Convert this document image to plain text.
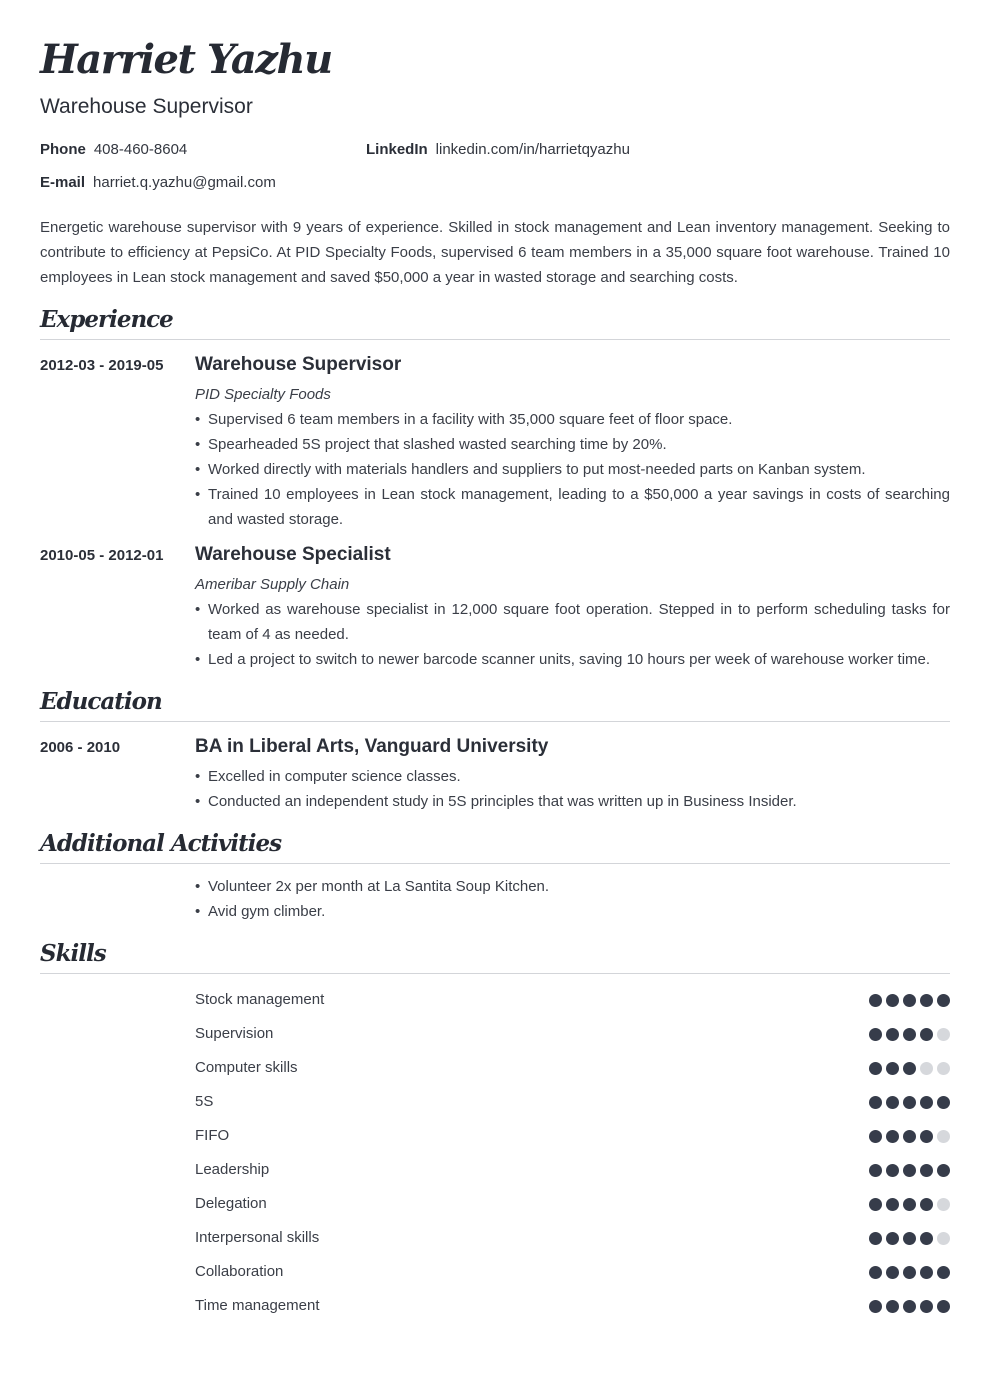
Harriet Yazhu
Warehouse Supervisor
Phone 408-460-8604	LinkedIn linkedin.com/in/harrietqyazhu
E-mail harriet.q.yazhu@gmail.com

Energetic warehouse supervisor with 9 years of experience. Skilled in stock management and Lean inventory management. Seeking to contribute to efficiency at PepsiCo. At PID Specialty Foods, supervised 6 team members in a 35,000 square foot warehouse. Trained 10 employees in Lean stock management and saved $50,000 a year in wasted storage and searching costs.

Experience
2012-03 - 2019-05 Warehouse Supervisor
PID Specialty Foods
• Supervised 6 team members in a facility with 35,000 square feet of floor space.
• Spearheaded 5S project that slashed wasted searching time by 20%.
• Worked directly with materials handlers and suppliers to put most-needed parts on Kanban system.
• Trained 10 employees in Lean stock management, leading to a $50,000 a year savings in costs of searching and wasted storage.
2010-05 - 2012-01 Warehouse Specialist
Ameribar Supply Chain
• Worked as warehouse specialist in 12,000 square foot operation. Stepped in to perform scheduling tasks for team of 4 as needed.
• Led a project to switch to newer barcode scanner units, saving 10 hours per week of warehouse worker time.
Education
2006 - 2010	BA in Liberal Arts, Vanguard University
• Excelled in computer science classes.
• Conducted an independent study in 5S principles that was written up in Business Insider.
Additional Activities
• Volunteer 2x per month at La Santita Soup Kitchen.
• Avid gym climber.
Skills
Stock management
Supervision
Computer skills
5S
FIFO
Leadership
Delegation
Interpersonal skills
Collaboration
Time management
